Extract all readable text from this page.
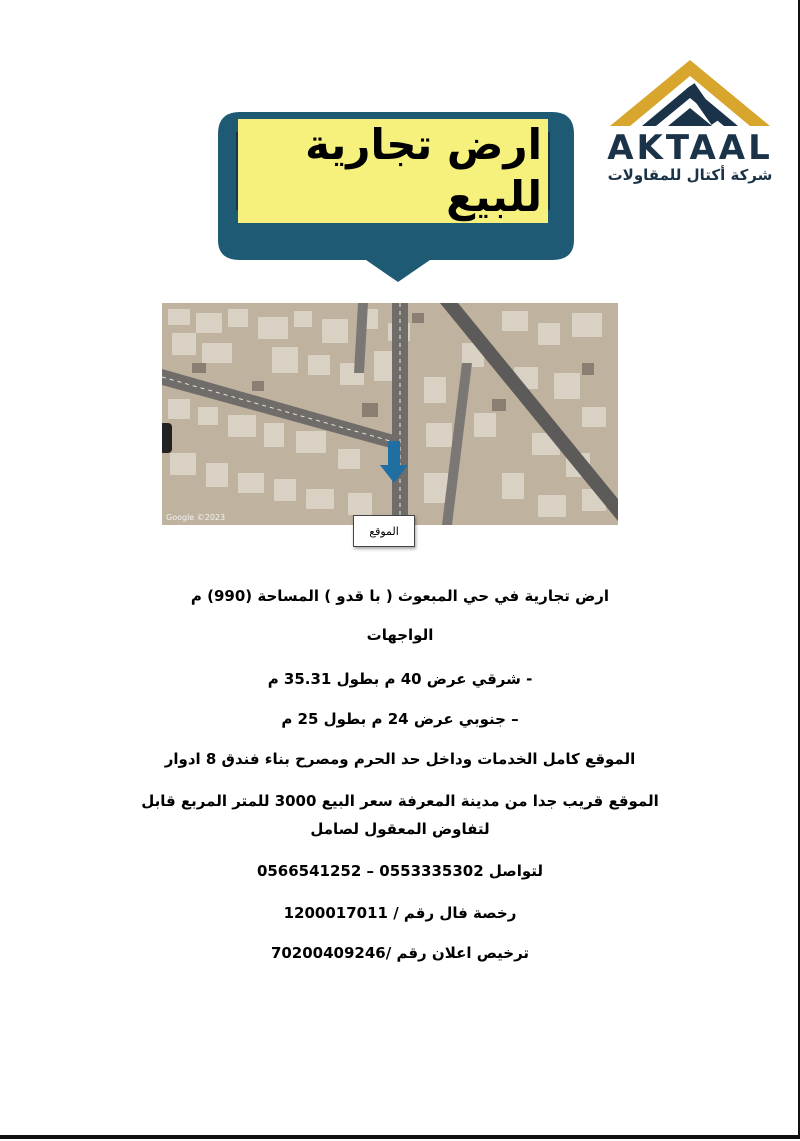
AKTAAL
شركة أكتال للمقاولات
ارض تجارية للبيع
Google ©2023
الموقع
ارض تجارية في حي المبعوث ( با قدو ) المساحة (990) م
الواجهات
- شرقي عرض 40 م بطول 35.31 م
– جنوبي عرض 24 م بطول 25 م
الموقع كامل الخدمات وداخل حد الحرم ومصرح بناء فندق 8 ادوار
الموقع قريب جدا من مدينة المعرفة سعر البيع 3000 للمتر المربع قابل
لتفاوض المعقول لصامل
لتواصل 0553335302 – 0566541252
رخصة فال رقم / 1200017011
ترخيص اعلان رقم /70200409246
